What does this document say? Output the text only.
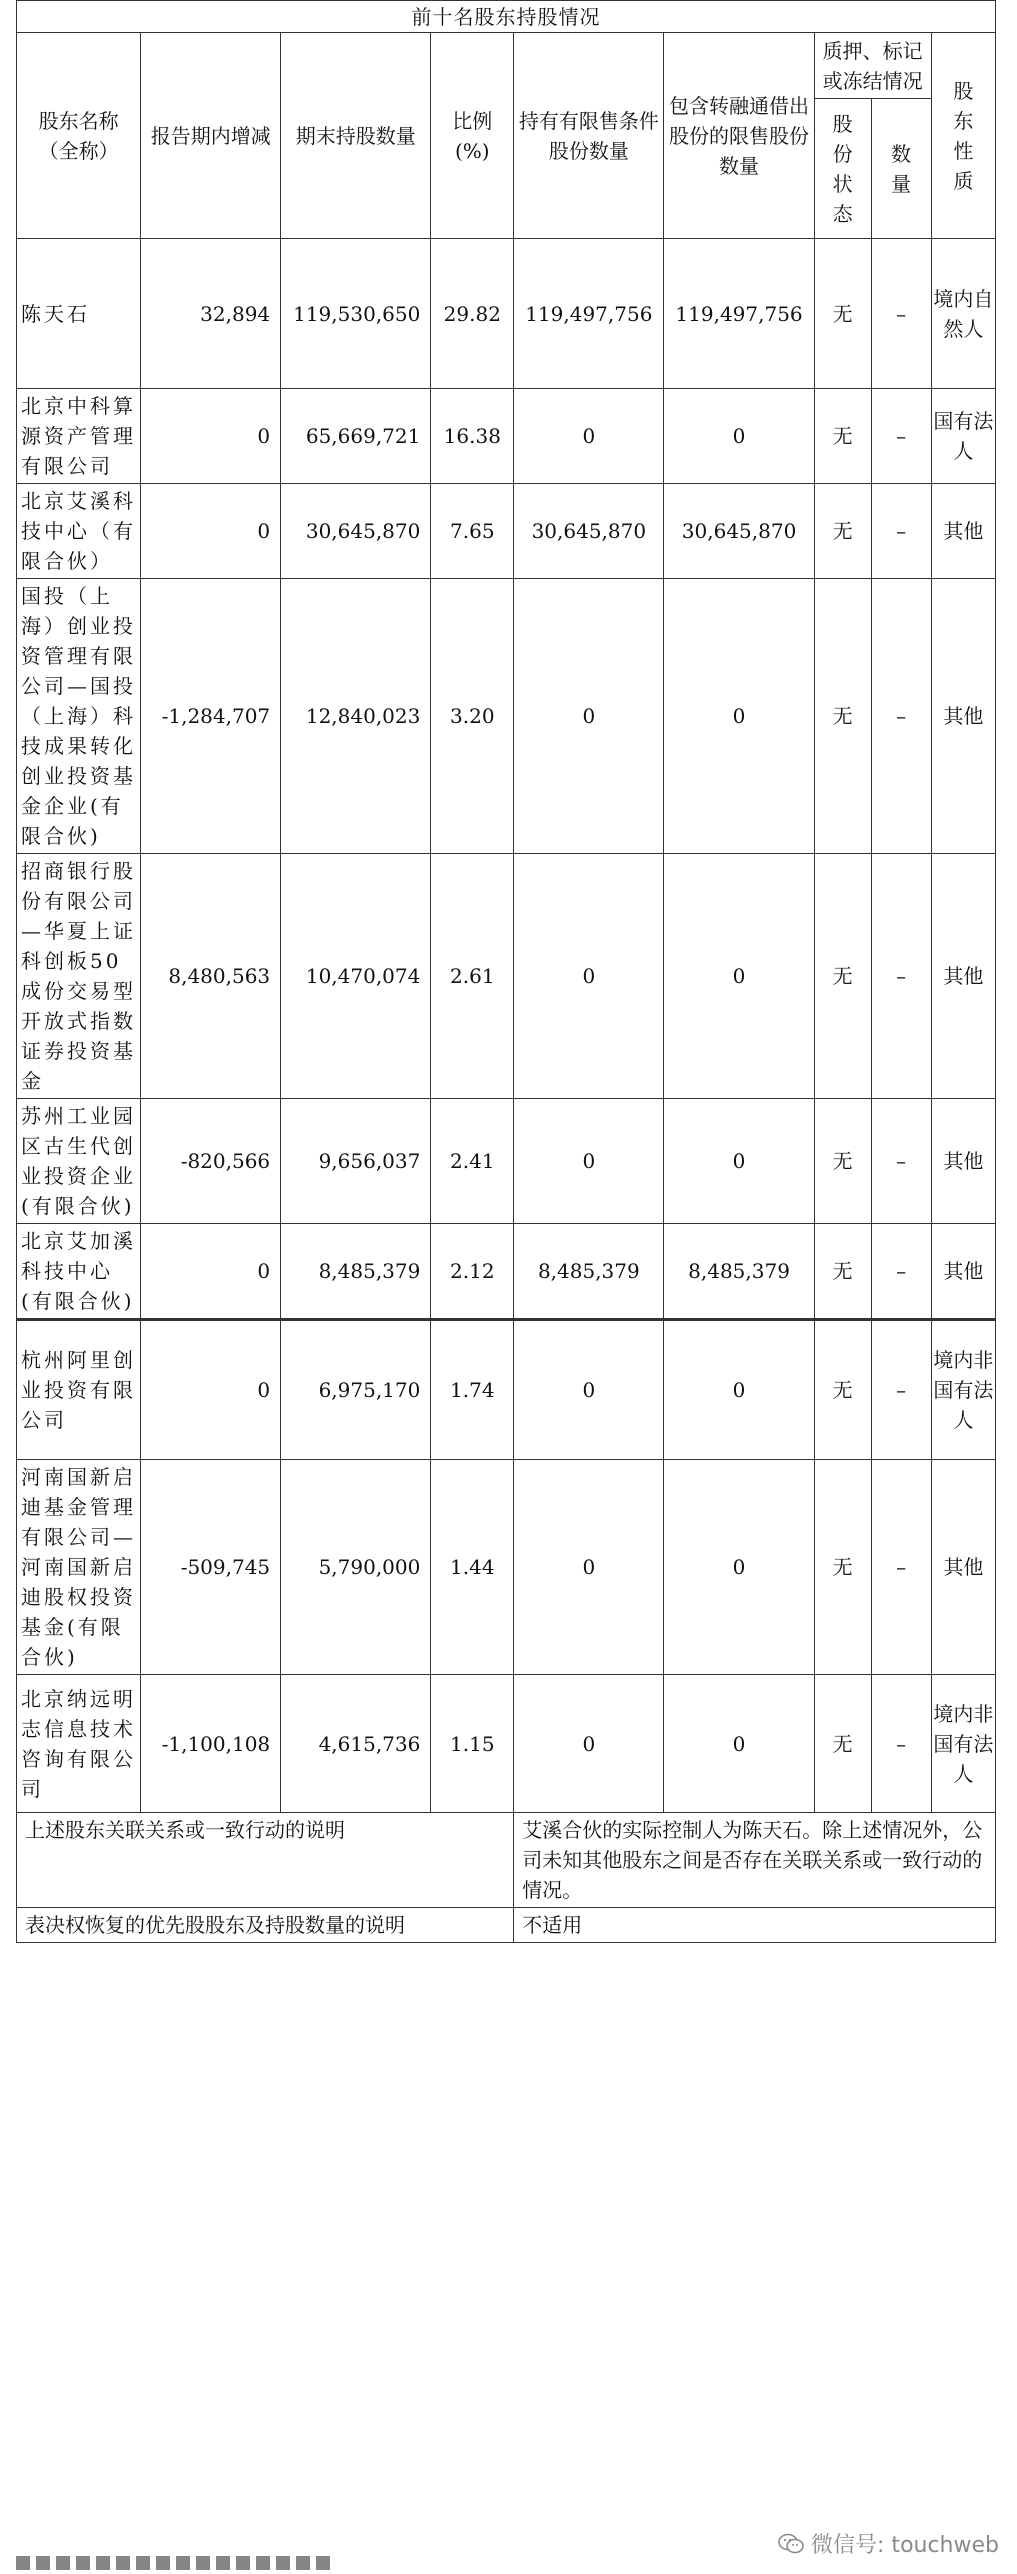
前十名股东持股情况								
股东名称（全称）	报告期内增减	期末持股数量	比例(%)	持有有限售条件股份数量	包含转融通借出股份的限售股份数量	质押、标记或冻结情况		股东性质
						股份状态	数量	
陈天石	32,894	119,530,650	29.82	119,497,756	119,497,756	无	–	境内自然人
北京中科算源资产管理有限公司	0	65,669,721	16.38	0	0	无	–	国有法人
北京艾溪科技中心（有限合伙）	0	30,645,870	7.65	30,645,870	30,645,870	无	–	其他
国投（上海）创业投资管理有限公司—国投（上海）科技成果转化创业投资基金企业(有限合伙)	-1,284,707	12,840,023	3.20	0	0	无	–	其他
招商银行股份有限公司—华夏上证科创板50成份交易型开放式指数证券投资基金	8,480,563	10,470,074	2.61	0	0	无	–	其他
苏州工业园区古生代创业投资企业(有限合伙)	-820,566	9,656,037	2.41	0	0	无	–	其他
北京艾加溪科技中心(有限合伙)	0	8,485,379	2.12	8,485,379	8,485,379	无	–	其他
杭州阿里创业投资有限公司	0	6,975,170	1.74	0	0	无	–	境内非国有法人
河南国新启迪基金管理有限公司—河南国新启迪股权投资基金(有限合伙)	-509,745	5,790,000	1.44	0	0	无	–	其他
北京纳远明志信息技术咨询有限公司	-1,100,108	4,615,736	1.15	0	0	无	–	境内非国有法人
上述股东关联关系或一致行动的说明				艾溪合伙的实际控制人为陈天石。除上述情况外，公司未知其他股东之间是否存在关联关系或一致行动的情况。				
表决权恢复的优先股股东及持股数量的说明				不适用				
微信号: touchweb
